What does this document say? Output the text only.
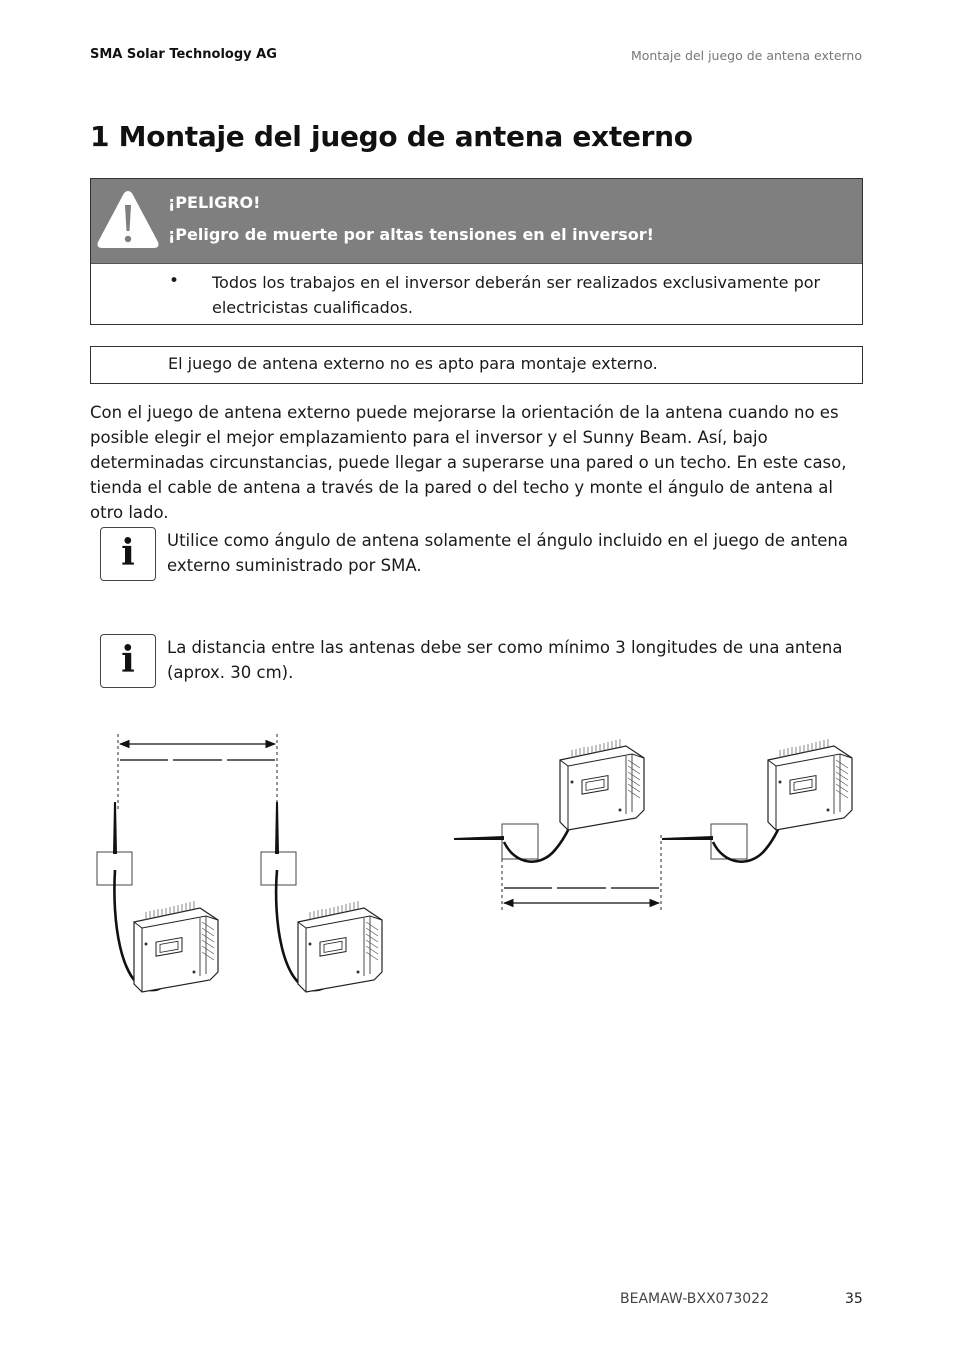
SMA Solar Technology AG	Montaje del juego de antena externo
1 Montaje del juego de antena externo
¡PELIGRO!
¡Peligro de muerte por altas tensiones en el inversor!
• Todos los trabajos en el inversor deberán ser realizados exclusivamente por electricistas cualificados.
El juego de antena externo no es apto para montaje externo.

Con el juego de antena externo puede mejorarse la orientación de la antena cuando no es posible elegir el mejor emplazamiento para el inversor y el Sunny Beam. Así, bajo determinadas circunstancias, puede llegar a superarse una pared o un techo. En este caso, tienda el cable de antena a través de la pared o del techo y monte el ángulo de antena al otro lado.

i	Utilice como ángulo de antena solamente el ángulo incluido en el juego de antena externo suministrado por SMA.
i	La distancia entre las antenas debe ser como mínimo 3 longitudes de una antena (aprox. 30 cm).
BEAMAW-BXX073022	35
